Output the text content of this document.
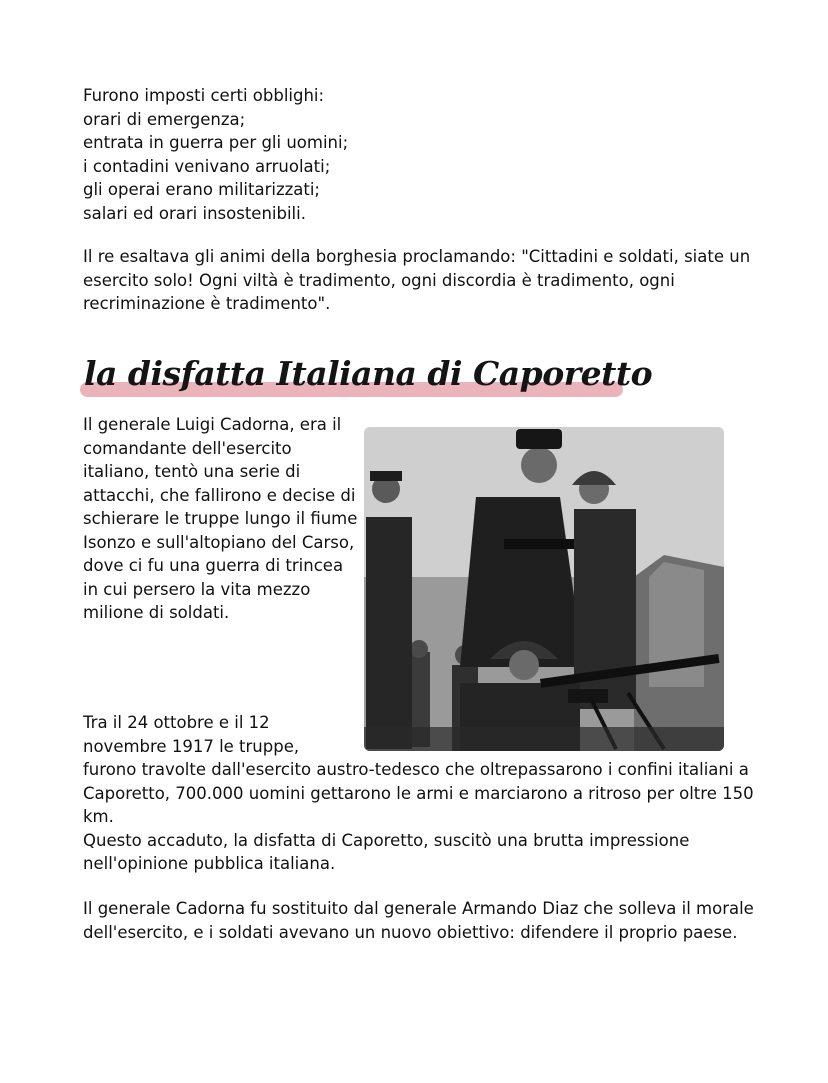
Furono imposti certi obblighi:
orari di emergenza;
entrata in guerra per gli uomini;
i contadini venivano arruolati;
gli operai erano militarizzati;
salari ed orari insostenibili.

Il re esaltava gli animi della borghesia proclamando: "Cittadini e soldati, siate un esercito solo! Ogni viltà è tradimento, ogni discordia è tradimento, ogni recriminazione è tradimento".

la disfatta Italiana di Caporetto

Il generale Luigi Cadorna, era il comandante dell'esercito italiano, tentò una serie di attacchi, che fallirono e decise di schierare le truppe lungo il fiume Isonzo e sull'altopiano del Carso, dove ci fu una guerra di trincea in cui persero la vita mezzo milione di soldati.

Tra il 24 ottobre e il 12 novembre 1917 le truppe,

furono travolte dall'esercito austro-tedesco che oltrepassarono i confini italiani a Caporetto, 700.000 uomini gettarono le armi e marciarono a ritroso per oltre 150 km.
Questo accaduto, la disfatta di Caporetto, suscitò una brutta impressione nell'opinione pubblica italiana.

Il generale Cadorna fu sostituito dal generale Armando Diaz che solleva il morale dell'esercito, e i soldati avevano un nuovo obiettivo: difendere il proprio paese.
